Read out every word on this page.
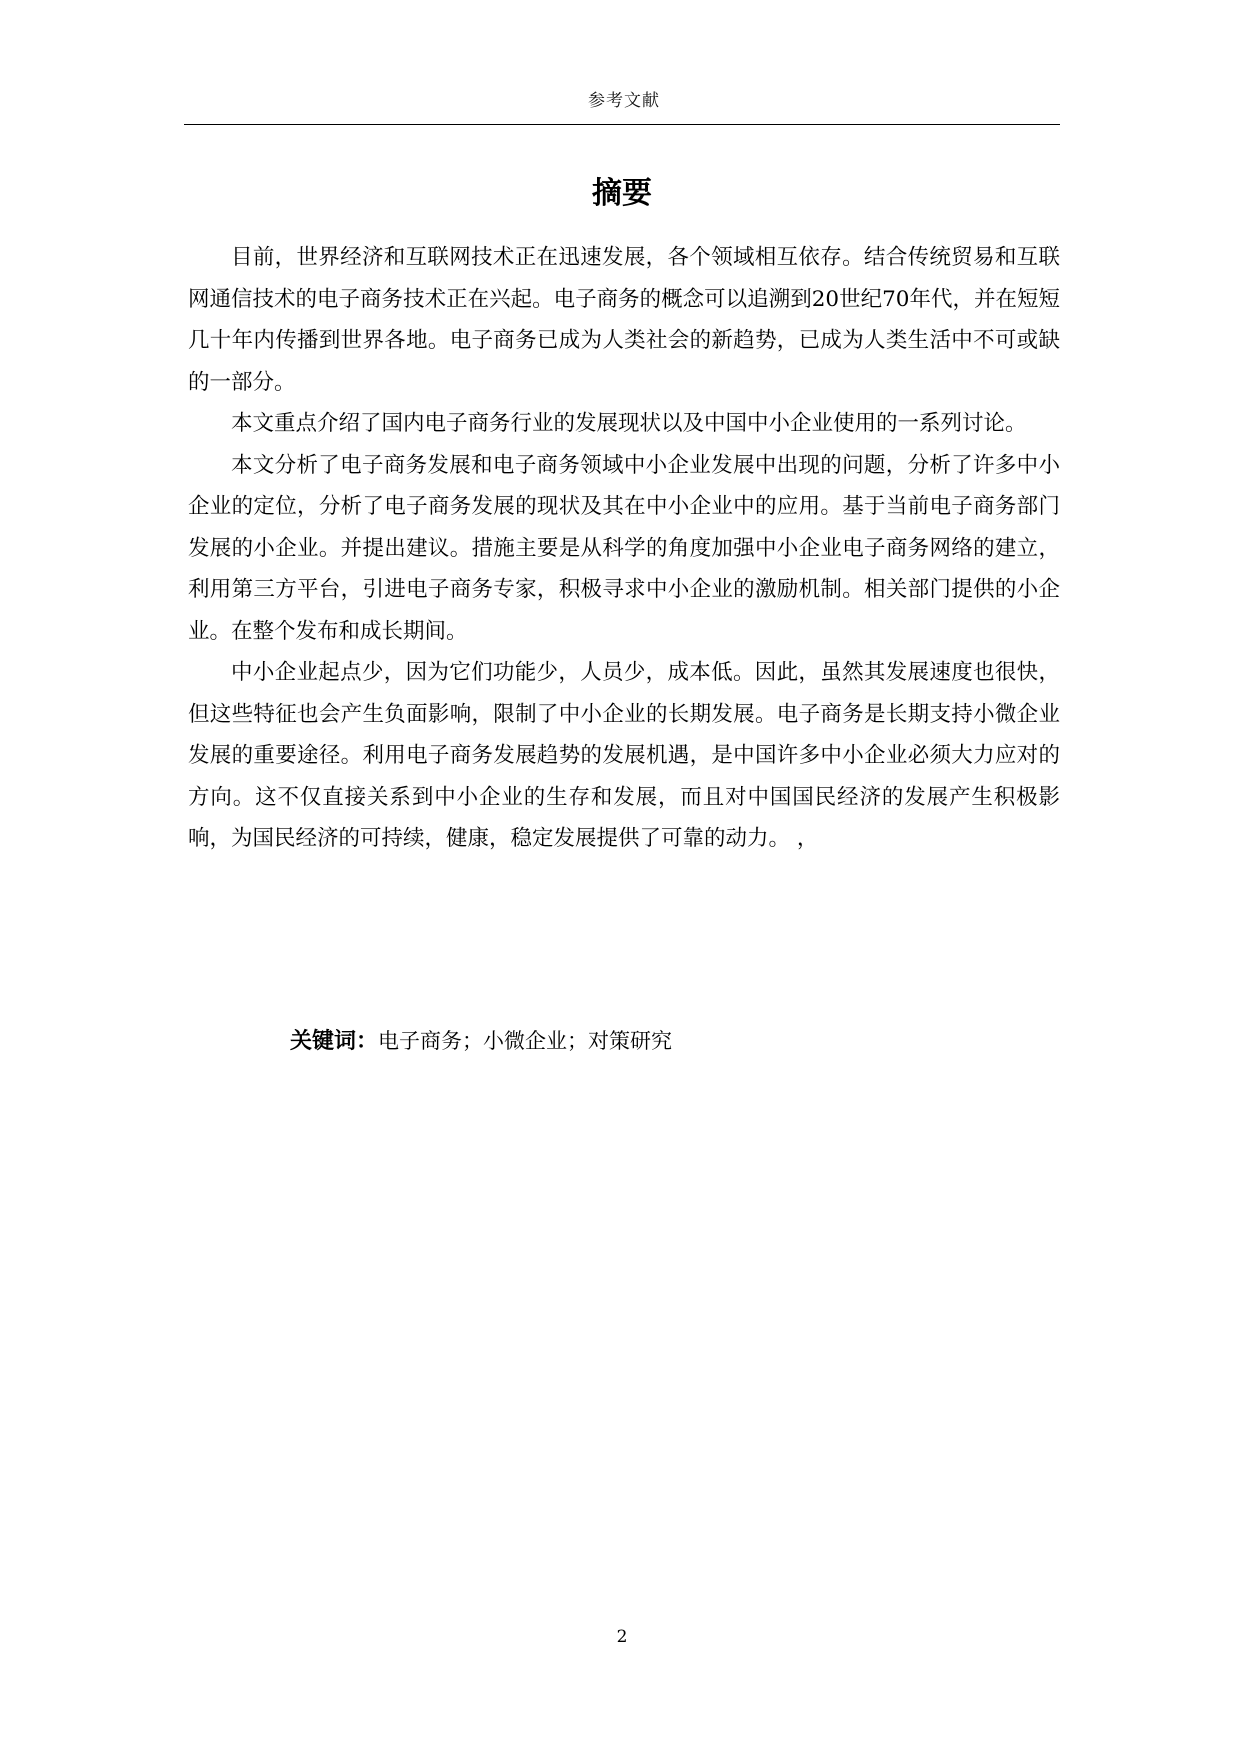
参考文献
摘要

目前，世界经济和互联网技术正在迅速发展，各个领域相互依存。结合传统贸易和互联网通信技术的电子商务技术正在兴起。电子商务的概念可以追溯到20世纪70年代，并在短短几十年内传播到世界各地。电子商务已成为人类社会的新趋势，已成为人类生活中不可或缺的一部分。

本文重点介绍了国内电子商务行业的发展现状以及中国中小企业使用的一系列讨论。

本文分析了电子商务发展和电子商务领域中小企业发展中出现的问题，分析了许多中小企业的定位，分析了电子商务发展的现状及其在中小企业中的应用。基于当前电子商务部门发展的小企业。并提出建议。措施主要是从科学的角度加强中小企业电子商务网络的建立，利用第三方平台，引进电子商务专家，积极寻求中小企业的激励机制。相关部门提供的小企业。在整个发布和成长期间。

中小企业起点少，因为它们功能少，人员少，成本低。因此，虽然其发展速度也很快，但这些特征也会产生负面影响，限制了中小企业的长期发展。电子商务是长期支持小微企业发展的重要途径。利用电子商务发展趋势的发展机遇，是中国许多中小企业必须大力应对的方向。这不仅直接关系到中小企业的生存和发展，而且对中国国民经济的发展产生积极影响，为国民经济的可持续，健康，稳定发展提供了可靠的动力。 ，

关键词：电子商务；小微企业；对策研究
2
